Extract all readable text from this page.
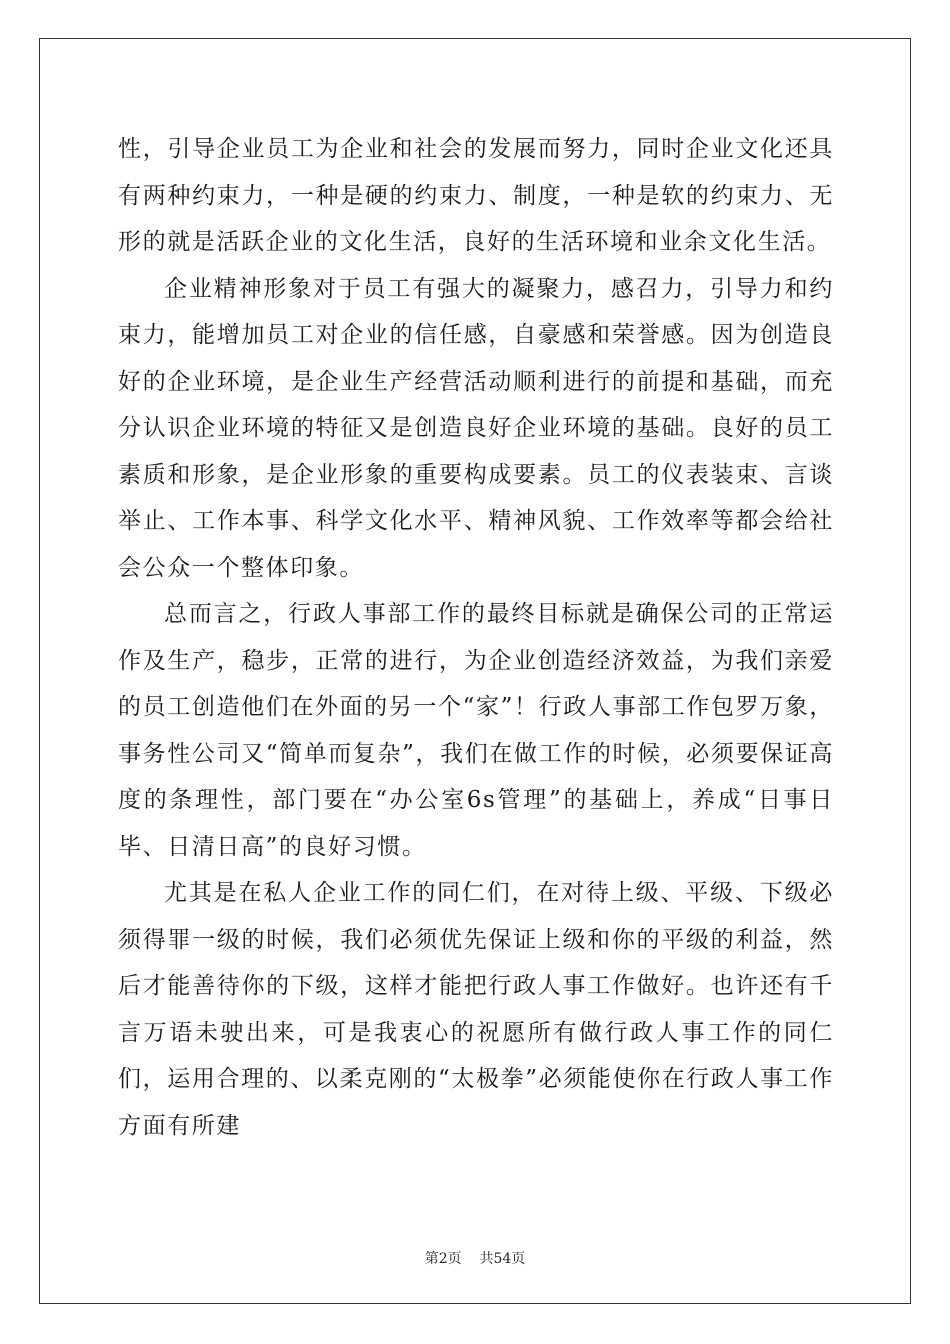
性，引导企业员工为企业和社会的发展而努力，同时企业文化还具有两种约束力，一种是硬的约束力、制度，一种是软的约束力、无形的就是活跃企业的文化生活，良好的生活环境和业余文化生活。

企业精神形象对于员工有强大的凝聚力，感召力，引导力和约束力，能增加员工对企业的信任感，自豪感和荣誉感。因为创造良好的企业环境，是企业生产经营活动顺利进行的前提和基础，而充分认识企业环境的特征又是创造良好企业环境的基础。良好的员工素质和形象，是企业形象的重要构成要素。员工的仪表装束、言谈举止、工作本事、科学文化水平、精神风貌、工作效率等都会给社会公众一个整体印象。

总而言之，行政人事部工作的最终目标就是确保公司的正常运作及生产，稳步，正常的进行，为企业创造经济效益，为我们亲爱的员工创造他们在外面的另一个“家”！行政人事部工作包罗万象，事务性公司又“简单而复杂”，我们在做工作的时候，必须要保证高度的条理性，部门要在“办公室6s管理”的基础上，养成“日事日毕、日清日高”的良好习惯。

尤其是在私人企业工作的同仁们，在对待上级、平级、下级必须得罪一级的时候，我们必须优先保证上级和你的平级的利益，然后才能善待你的下级，这样才能把行政人事工作做好。也许还有千言万语未驶出来，可是我衷心的祝愿所有做行政人事工作的同仁们，运用合理的、以柔克刚的“太极拳”必须能使你在行政人事工作方面有所建

第2页 共54页
